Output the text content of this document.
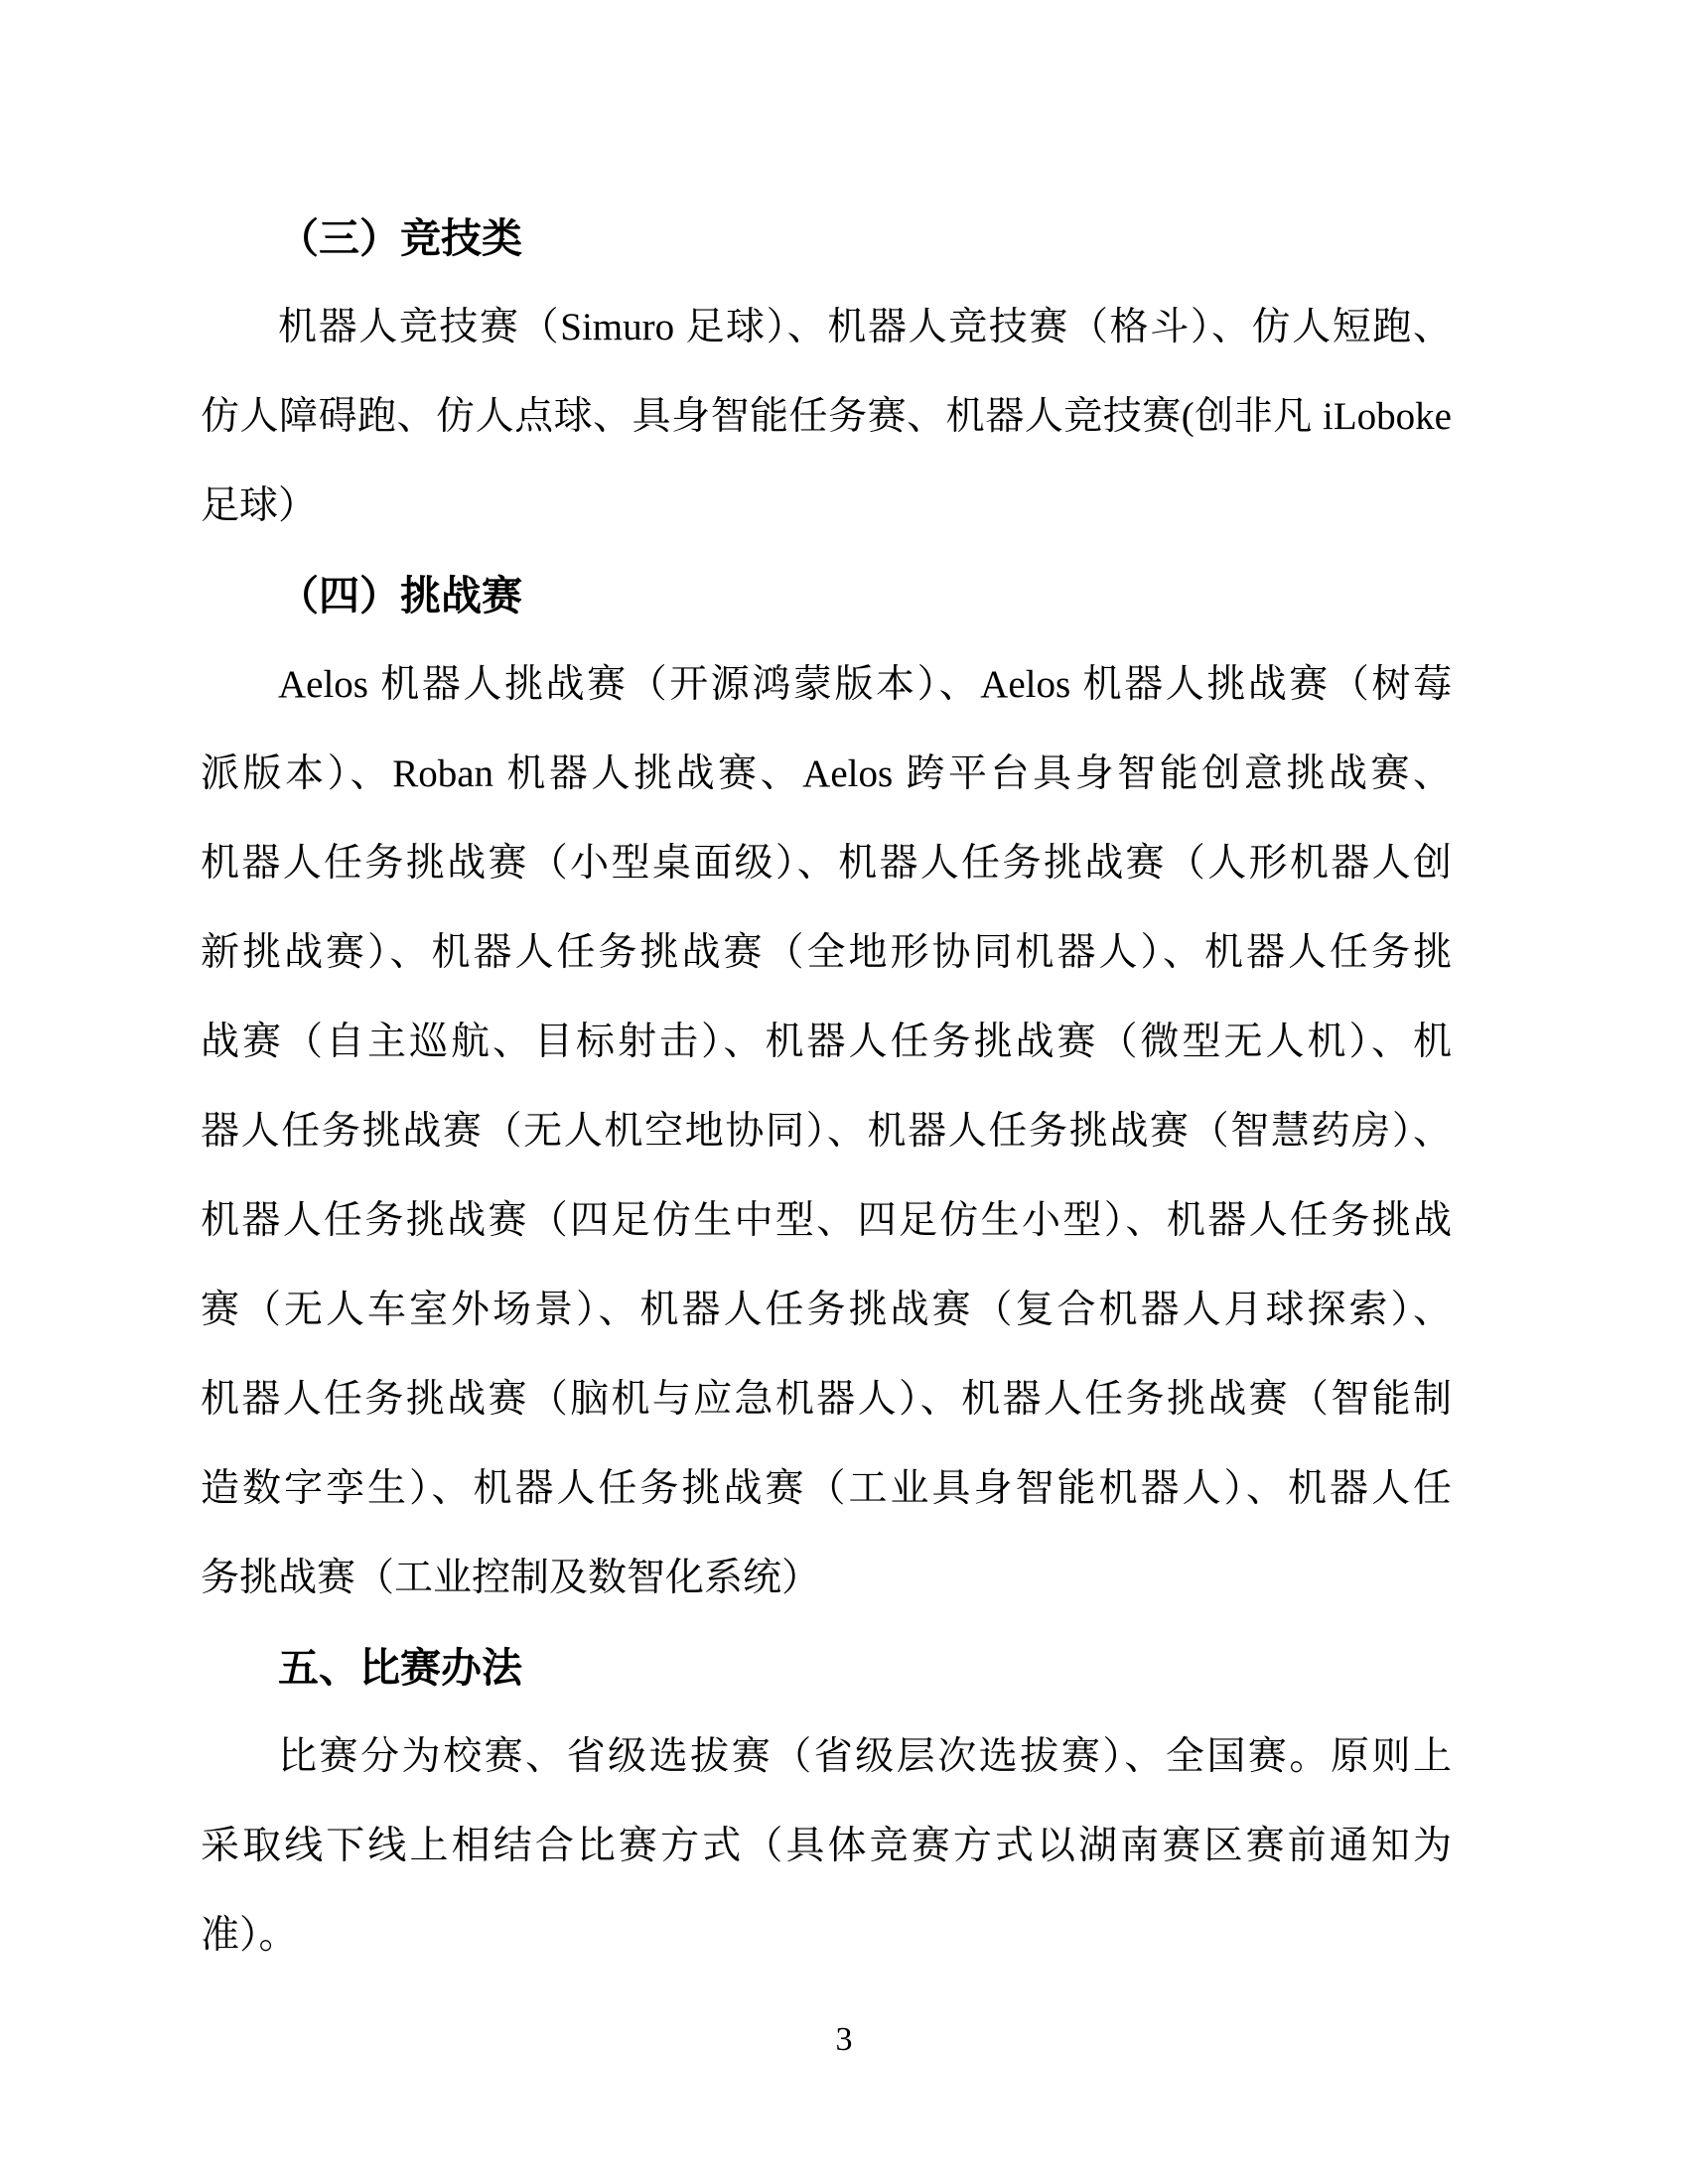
（三）竞技类
机器人竞技赛（Simuro 足球）、机器人竞技赛（格斗）、仿人短跑、
仿人障碍跑、仿人点球、具身智能任务赛、机器人竞技赛(创非凡 iLoboke
足球）
（四）挑战赛
Aelos 机器人挑战赛（开源鸿蒙版本）、Aelos 机器人挑战赛（树莓
派版本）、Roban 机器人挑战赛、Aelos 跨平台具身智能创意挑战赛、
机器人任务挑战赛（小型桌面级）、机器人任务挑战赛（人形机器人创
新挑战赛）、机器人任务挑战赛（全地形协同机器人）、机器人任务挑
战赛（自主巡航、目标射击）、机器人任务挑战赛（微型无人机）、机
器人任务挑战赛（无人机空地协同）、机器人任务挑战赛（智慧药房）、
机器人任务挑战赛（四足仿生中型、四足仿生小型）、机器人任务挑战
赛（无人车室外场景）、机器人任务挑战赛（复合机器人月球探索）、
机器人任务挑战赛（脑机与应急机器人）、机器人任务挑战赛（智能制
造数字孪生）、机器人任务挑战赛（工业具身智能机器人）、机器人任
务挑战赛（工业控制及数智化系统）
五、比赛办法
比赛分为校赛、省级选拔赛（省级层次选拔赛）、全国赛。原则上
采取线下线上相结合比赛方式（具体竞赛方式以湖南赛区赛前通知为
准）。
3
